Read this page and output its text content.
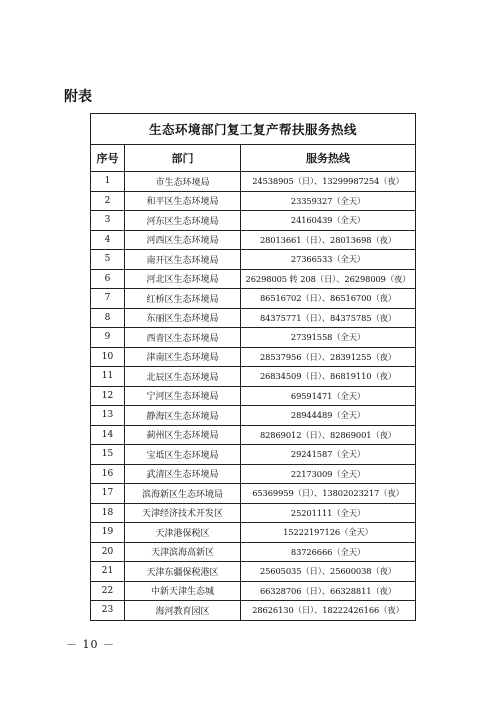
附表
生态环境部门复工复产帮扶服务热线		
序号	部门	服务热线
1	市生态环境局	24538905（日）、13299987254（夜）
2	和平区生态环境局	23359327（全天）
3	河东区生态环境局	24160439（全天）
4	河西区生态环境局	28013661（日）、28013698（夜）
5	南开区生态环境局	27366533（全天）
6	河北区生态环境局	26298005 转 208（日）、26298009（夜）
7	红桥区生态环境局	86516702（日）、86516700（夜）
8	东丽区生态环境局	84375771（日）、84375785（夜）
9	西青区生态环境局	27391558（全天）
10	津南区生态环境局	28537956（日）、28391255（夜）
11	北辰区生态环境局	26834509（日）、86819110（夜）
12	宁河区生态环境局	69591471（全天）
13	静海区生态环境局	28944489（全天）
14	蓟州区生态环境局	82869012（日）、82869001（夜）
15	宝坻区生态环境局	29241587（全天）
16	武清区生态环境局	22173009（全天）
17	滨海新区生态环境局	65369959（日）、13802023217（夜）
18	天津经济技术开发区	25201111（全天）
19	天津港保税区	15222197126（全天）
20	天津滨海高新区	83726666（全天）
21	天津东疆保税港区	25605035（日）、25600038（夜）
22	中新天津生态城	66328706（日）、66328811（夜）
23	海河教育园区	28626130（日）、18222426166（夜）

－ 10 －
